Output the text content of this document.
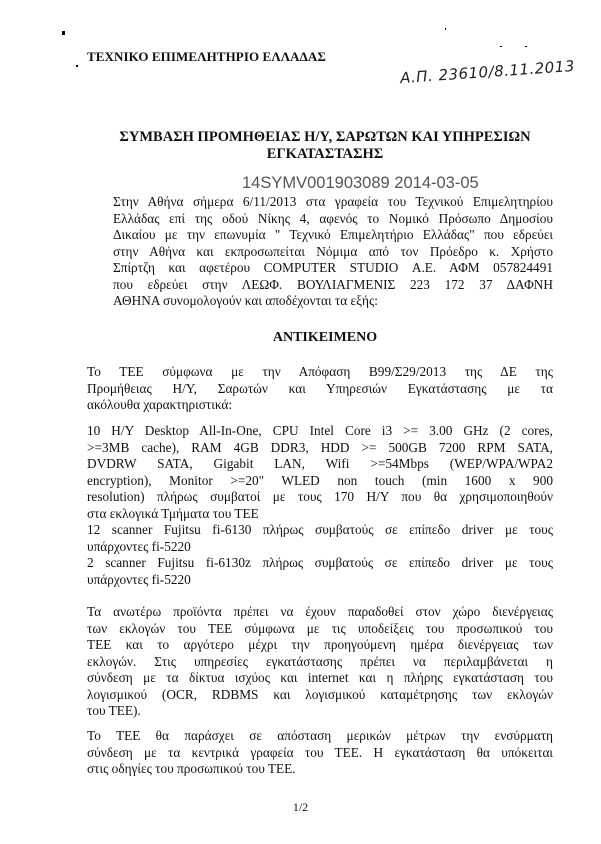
ΤΕΧΝΙΚΟ ΕΠΙΜΕΛΗΤΗΡΙΟ ΕΛΛΑΔΑΣ
Α.Π. 23610/8.11.2013
ΣΥΜΒΑΣΗ ΠΡΟΜΗΘΕΙΑΣ Η/Υ, ΣΑΡΩΤΩΝ ΚΑΙ ΥΠΗΡΕΣΙΩΝ
ΕΓΚΑΤΑΣΤΑΣΗΣ
14SYMV001903089 2014-03-05
Στην Αθήνα σήμερα 6/11/2013 στα γραφεία του Τεχνικού Επιμελητηρίου
Ελλάδας επί της οδού Νίκης 4, αφενός το Νομικό Πρόσωπο Δημοσίου
Δικαίου με την επωνυμία " Τεχνικό Επιμελητήριο Ελλάδας" που εδρεύει
στην Αθήνα και εκπροσωπείται Νόμιμα από τον Πρόεδρο κ. Χρήστο
Σπίρτζη και αφετέρου COMPUTER STUDIO Α.Ε. ΑΦΜ 057824491
που εδρεύει στην ΛΕΩΦ. ΒΟΥΛΙΑΓΜΕΝΙΣ 223 172 37 ΔΑΦΝΗ
ΑΘΗΝΑ συνομολογούν και αποδέχονται τα εξής:
ΑΝΤΙΚΕΙΜΕΝΟ
Το ΤΕΕ σύμφωνα με την Απόφαση Β99/Σ29/2013 της ΔΕ της
Προμήθειας Η/Υ, Σαρωτών και Υπηρεσιών Εγκατάστασης με τα
ακόλουθα χαρακτηριστικά:
10 Η/Υ Desktop All-In-One, CPU Intel Core i3 >= 3.00 GHz (2 cores,
>=3MB cache), RAM 4GB DDR3, HDD >= 500GB 7200 RPM SATA,
DVDRW SATA, Gigabit LAN, Wifi >=54Mbps (WEP/WPA/WPA2
encryption), Monitor >=20" WLED non touch (min 1600 x 900
resolution) πλήρως συμβατοί με τους 170 Η/Υ που θα χρησιμοποιηθούν
στα εκλογικά Τμήματα του ΤΕΕ
12 scanner Fujitsu fi-6130 πλήρως συμβατούς σε επίπεδο driver με τους
υπάρχοντες fi-5220
2 scanner Fujitsu fi-6130z πλήρως συμβατούς σε επίπεδο driver με τους
υπάρχοντες fi-5220
Τα ανωτέρω προϊόντα πρέπει να έχουν παραδοθεί στον χώρο διενέργειας
των εκλογών του ΤΕΕ σύμφωνα με τις υποδείξεις του προσωπικού του
ΤΕΕ και το αργότερο μέχρι την προηγούμενη ημέρα διενέργειας των
εκλογών. Στις υπηρεσίες εγκατάστασης πρέπει να περιλαμβάνεται η
σύνδεση με τα δίκτυα ισχύος και internet και η πλήρης εγκατάσταση του
λογισμικού (OCR, RDBMS και λογισμικού καταμέτρησης των εκλογών
του ΤΕΕ).
Το ΤΕΕ θα παράσχει σε απόσταση μερικών μέτρων την ενσύρματη
σύνδεση με τα κεντρικά γραφεία του ΤΕΕ. Η εγκατάσταση θα υπόκειται
στις οδηγίες του προσωπικού του ΤΕΕ.
1/2
